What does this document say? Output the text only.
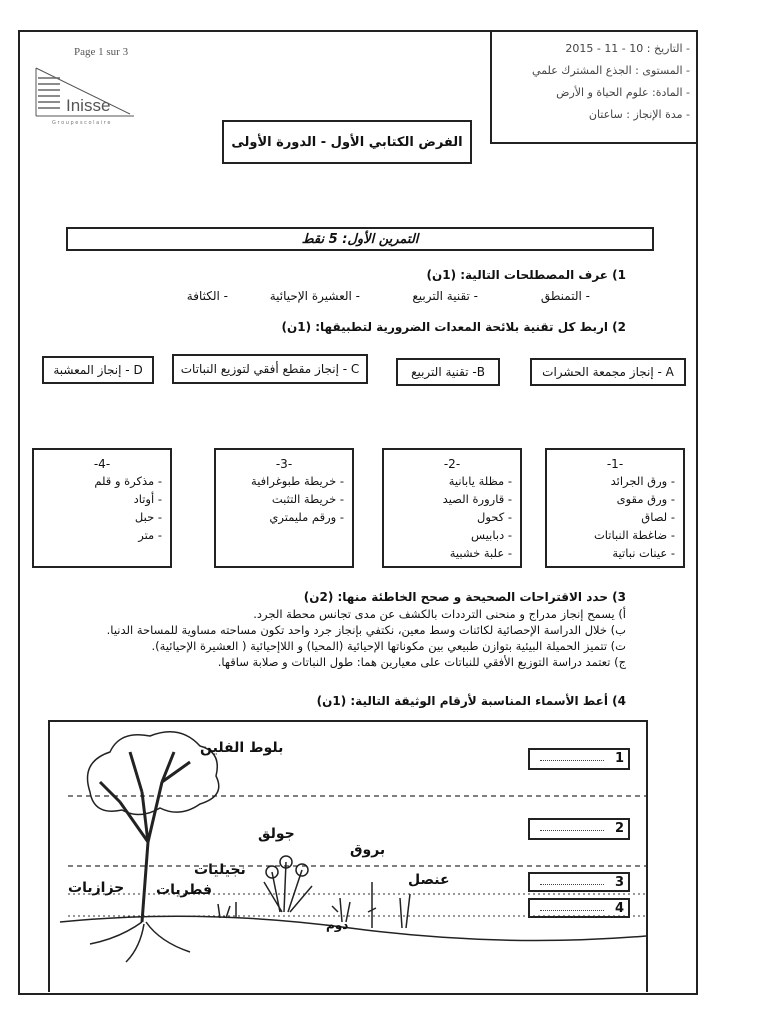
Page 1 sur 3
Inisse
G r o u p e s c o l a i r e
- التاريخ : 10 - 11 - 2015
- المستوى : الجذع المشترك علمي
- المادة: علوم الحياة و الأرض
- مدة الإنجاز : ساعتان
الفرض الكتابي الأول - الدورة الأولى
التمرين الأول: 5 نقط
1) عرف المصطلحات التالية: (1ن)
- التمنطق
- تقنية التربيع
- العشيرة الإحيائية
- الكثافة
2) اربط كل تقنية بلائحة المعدات الضرورية لتطبيقها: (1ن)
A - إنجاز مجمعة الحشرات
B- تقنية التربيع
C - إنجاز مقطع أفقي لتوزيع النباتات
D - إنجاز المعشبة
-1-
- ورق الجرائد
- ورق مقوى
- لصاق
- ضاغطة النباتات
- عينات نباتية
-2-
- مظلة يابانية
- قارورة الصيد
- كحول
- دبابيس
- علبة خشبية
-3-
- خريطة طبوغرافية
- خريطة التثبت
- ورقم مليمتري
-4-
- مذكرة و قلم
- أوتاد
- حبل
- متر
3) حدد الاقتراحات الصحيحة و صحح الخاطئة منها: (2ن)
أ) يسمح إنجاز مدراج و منحنى الترددات بالكشف عن مدى تجانس محطة الجرد.
ب) خلال الدراسة الإحصائية لكائنات وسط معين، نكتفي بإنجاز جرد واحد تكون مساحته مساوية للمساحة الدنيا.
ت) تتميز الحميلة البيئية بتوازن طبيعي بين مكوناتها الإحيائية (المحيا) و اللاإحيائية ( العشيرة الإحيائية).
ج) تعتمد دراسة التوزيع الأفقي للنباتات على معيارين هما: طول النباتات و صلابة ساقها.
4) أعط الأسماء المناسبة لأرقام الوثيقة التالية: (1ن)
بلوط الفلين
جولق
بروق
عنصل
نجيليات
فطريات
حزازيات
دوم
1
2
3
4
